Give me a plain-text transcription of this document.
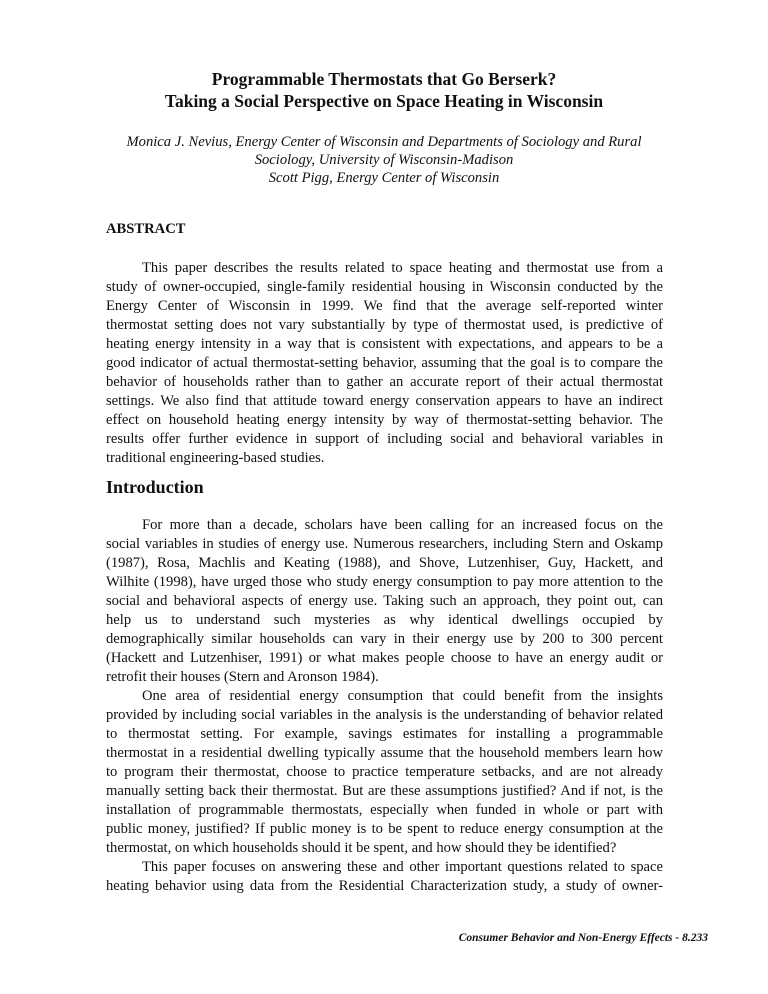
Programmable Thermostats that Go Berserk?
Taking a Social Perspective on Space Heating in Wisconsin
Monica J. Nevius, Energy Center of Wisconsin and Departments of Sociology and Rural
Sociology, University of Wisconsin-Madison
Scott Pigg, Energy Center of Wisconsin
ABSTRACT
This paper describes the results related to space heating and thermostat use from a
study of owner-occupied, single-family residential housing in Wisconsin conducted by the
Energy Center of Wisconsin in 1999. We find that the average self-reported winter
thermostat setting does not vary substantially by type of thermostat used, is predictive of
heating energy intensity in a way that is consistent with expectations, and appears to be a
good indicator of actual thermostat-setting behavior, assuming that the goal is to compare the
behavior of households rather than to gather an accurate report of their actual thermostat
settings. We also find that attitude toward energy conservation appears to have an indirect
effect on household heating energy intensity by way of thermostat-setting behavior. The
results offer further evidence in support of including social and behavioral variables in
traditional engineering-based studies.
Introduction
For more than a decade, scholars have been calling for an increased focus on the
social variables in studies of energy use. Numerous researchers, including Stern and Oskamp
(1987), Rosa, Machlis and Keating (1988), and Shove, Lutzenhiser, Guy, Hackett, and
Wilhite (1998), have urged those who study energy consumption to pay more attention to the
social and behavioral aspects of energy use. Taking such an approach, they point out, can
help us to understand such mysteries as why identical dwellings occupied by
demographically similar households can vary in their energy use by 200 to 300 percent
(Hackett and Lutzenhiser, 1991) or what makes people choose to have an energy audit or
retrofit their houses (Stern and Aronson 1984).
One area of residential energy consumption that could benefit from the insights
provided by including social variables in the analysis is the understanding of behavior related
to thermostat setting. For example, savings estimates for installing a programmable
thermostat in a residential dwelling typically assume that the household members learn how
to program their thermostat, choose to practice temperature setbacks, and are not already
manually setting back their thermostat. But are these assumptions justified? And if not, is the
installation of programmable thermostats, especially when funded in whole or part with
public money, justified? If public money is to be spent to reduce energy consumption at the
thermostat, on which households should it be spent, and how should they be identified?
This paper focuses on answering these and other important questions related to space
heating behavior using data from the Residential Characterization study, a study of owner-
Consumer Behavior and Non-Energy Effects - 8.233
